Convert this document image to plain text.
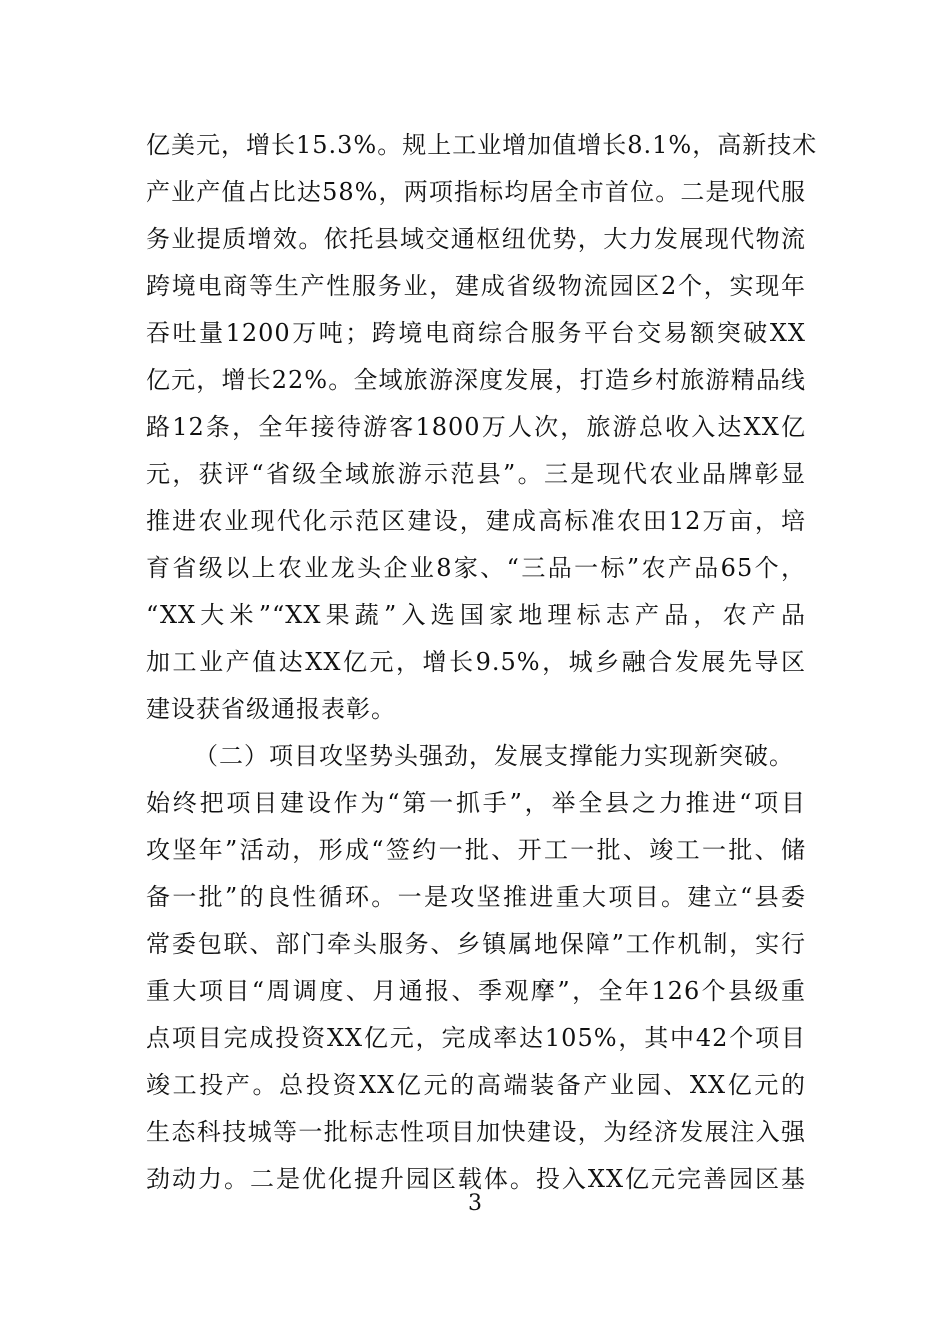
亿美元，增长15.3%。规上工业增加值增长8.1%，高新技术
产业产值占比达58%，两项指标均居全市首位。二是现代服
务业提质增效。依托县域交通枢纽优势，大力发展现代物流
跨境电商等生产性服务业，建成省级物流园区2个，实现年
吞吐量1200万吨；跨境电商综合服务平台交易额突破XX
亿元，增长22%。全域旅游深度发展，打造乡村旅游精品线
路12条，全年接待游客1800万人次，旅游总收入达XX亿
元，获评“省级全域旅游示范县”。三是现代农业品牌彰显
推进农业现代化示范区建设，建成高标准农田12万亩，培
育省级以上农业龙头企业8家、“三品一标”农产品65个，
“XX大米”“XX果蔬”入选国家地理标志产品，农产品
加工业产值达XX亿元，增长9.5%，城乡融合发展先导区
建设获省级通报表彰。
（二）项目攻坚势头强劲，发展支撑能力实现新突破。
始终把项目建设作为“第一抓手”，举全县之力推进“项目
攻坚年”活动，形成“签约一批、开工一批、竣工一批、储
备一批”的良性循环。一是攻坚推进重大项目。建立“县委
常委包联、部门牵头服务、乡镇属地保障”工作机制，实行
重大项目“周调度、月通报、季观摩”，全年126个县级重
点项目完成投资XX亿元，完成率达105%，其中42个项目
竣工投产。总投资XX亿元的高端装备产业园、XX亿元的
生态科技城等一批标志性项目加快建设，为经济发展注入强
劲动力。二是优化提升园区载体。投入XX亿元完善园区基
3
